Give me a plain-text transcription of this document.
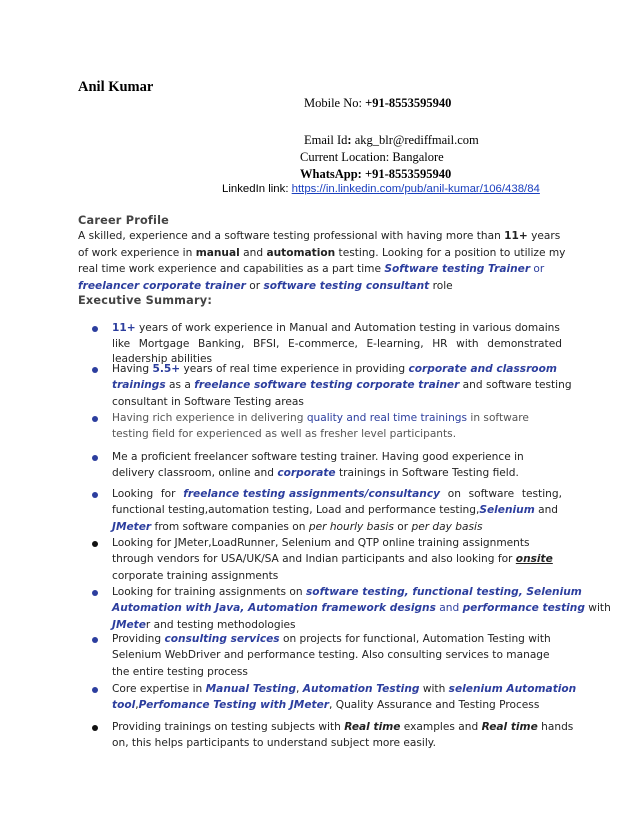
Anil Kumar
Mobile No: +91-8553595940
Email Id: akg_blr@rediffmail.com
Current Location: Bangalore
WhatsApp: +91-8553595940
LinkedIn link: https://in.linkedin.com/pub/anil-kumar/106/438/84
Career Profile
A skilled, experience and a software testing professional with having more than 11+ years
of work experience in manual and automation testing. Looking for a position to utilize my
real time work experience and capabilities as a part time Software testing Trainer or
freelancer corporate trainer or software testing consultant role
Executive Summary:
11+ years of work experience in Manual and Automation testing in various domains
like Mortgage Banking, BFSI, E-commerce, E-learning, HR with demonstrated
leadership abilities
Having 5.5+ years of real time experience in providing corporate and classroom
trainings as a freelance software testing corporate trainer and software testing
consultant in Software Testing areas
Having rich experience in delivering quality and real time trainings in software
testing field for experienced as well as fresher level participants.
Me a proficient freelancer software testing trainer. Having good experience in
delivery classroom, online and corporate trainings in Software Testing field.
Looking for freelance testing assignments/consultancy on software testing,
functional testing,automation testing, Load and performance testing,Selenium and
JMeter from software companies on per hourly basis or per day basis
Looking for JMeter,LoadRunner, Selenium and QTP online training assignments
through vendors for USA/UK/SA and Indian participants and also looking for onsite
corporate training assignments
Looking for training assignments on software testing, functional testing, Selenium
Automation with Java, Automation framework designs and performance testing with
JMeter and testing methodologies
Providing consulting services on projects for functional, Automation Testing with
Selenium WebDriver and performance testing. Also consulting services to manage
the entire testing process
Core expertise in Manual Testing, Automation Testing with selenium Automation
tool,Perfomance Testing with JMeter, Quality Assurance and Testing Process
Providing trainings on testing subjects with Real time examples and Real time hands
on, this helps participants to understand subject more easily.
